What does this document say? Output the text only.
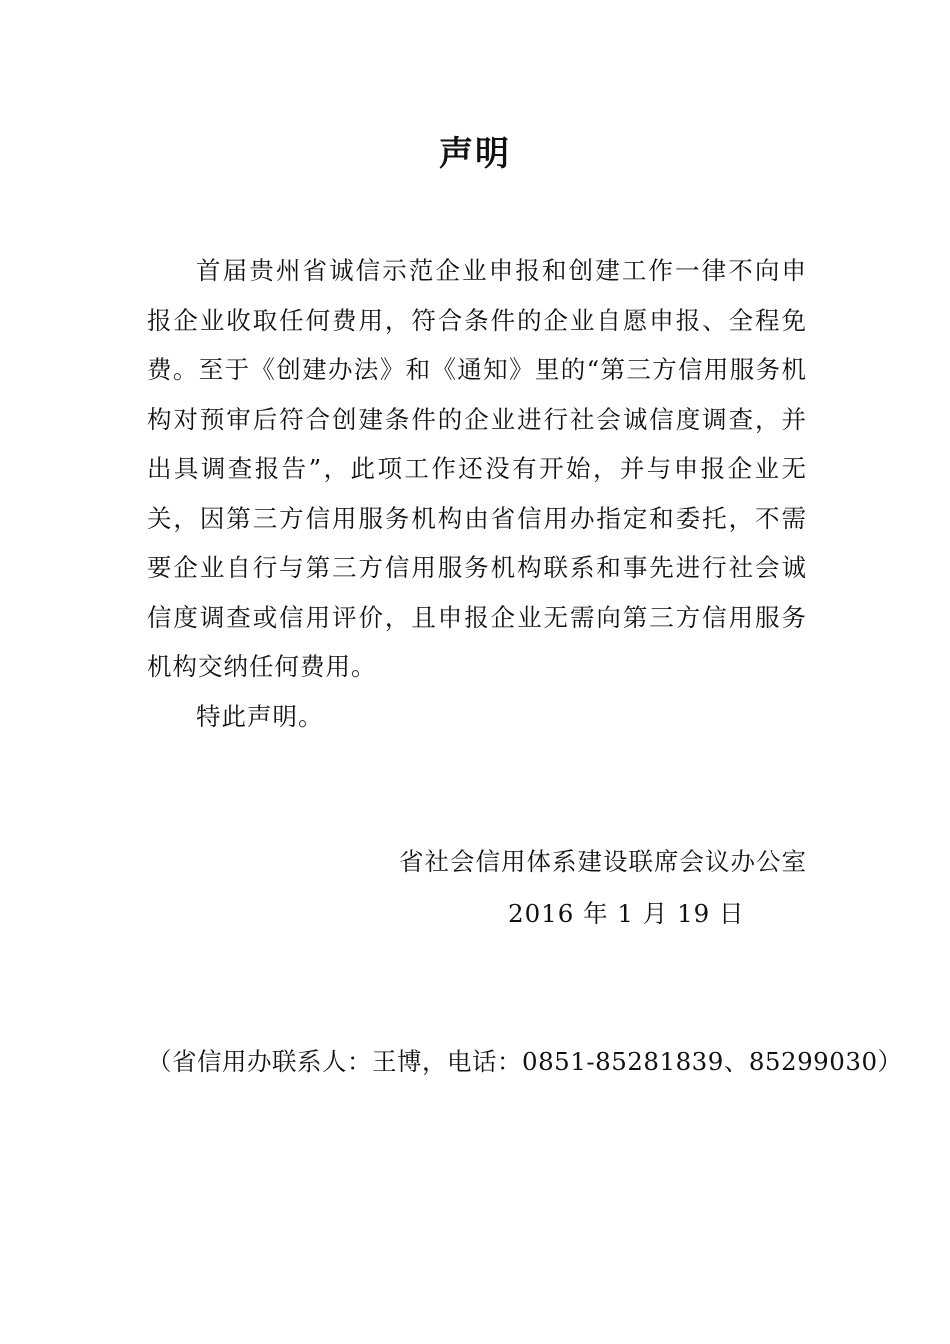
声明

首届贵州省诚信示范企业申报和创建工作一律不向申报企业收取任何费用，符合条件的企业自愿申报、全程免费。至于《创建办法》和《通知》里的“第三方信用服务机构对预审后符合创建条件的企业进行社会诚信度调查，并出具调查报告”，此项工作还没有开始，并与申报企业无关，因第三方信用服务机构由省信用办指定和委托，不需要企业自行与第三方信用服务机构联系和事先进行社会诚信度调查或信用评价，且申报企业无需向第三方信用服务机构交纳任何费用。

特此声明。

省社会信用体系建设联席会议办公室
2016 年 1 月 19 日
（省信用办联系人：王博，电话：0851-85281839、85299030）
